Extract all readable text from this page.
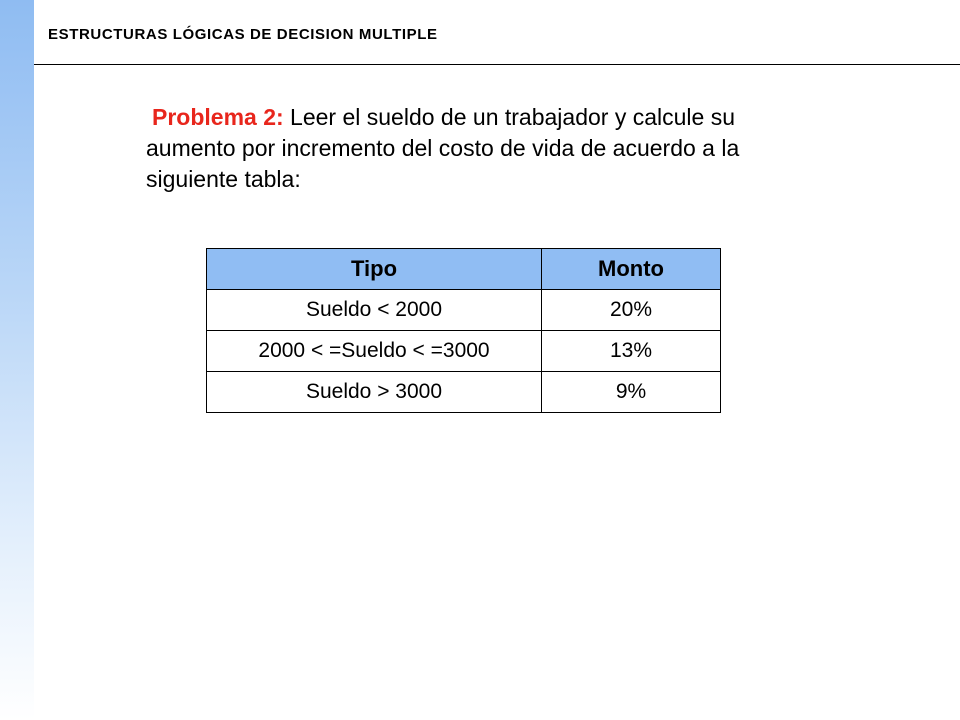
ESTRUCTURAS LÓGICAS DE DECISION MULTIPLE
Problema 2: Leer el sueldo de un trabajador y calcule su aumento por incremento del costo de vida de acuerdo a la siguiente tabla:
Tipo	Monto
Sueldo < 2000	20%
2000 < =Sueldo < =3000	13%
Sueldo > 3000	9%
